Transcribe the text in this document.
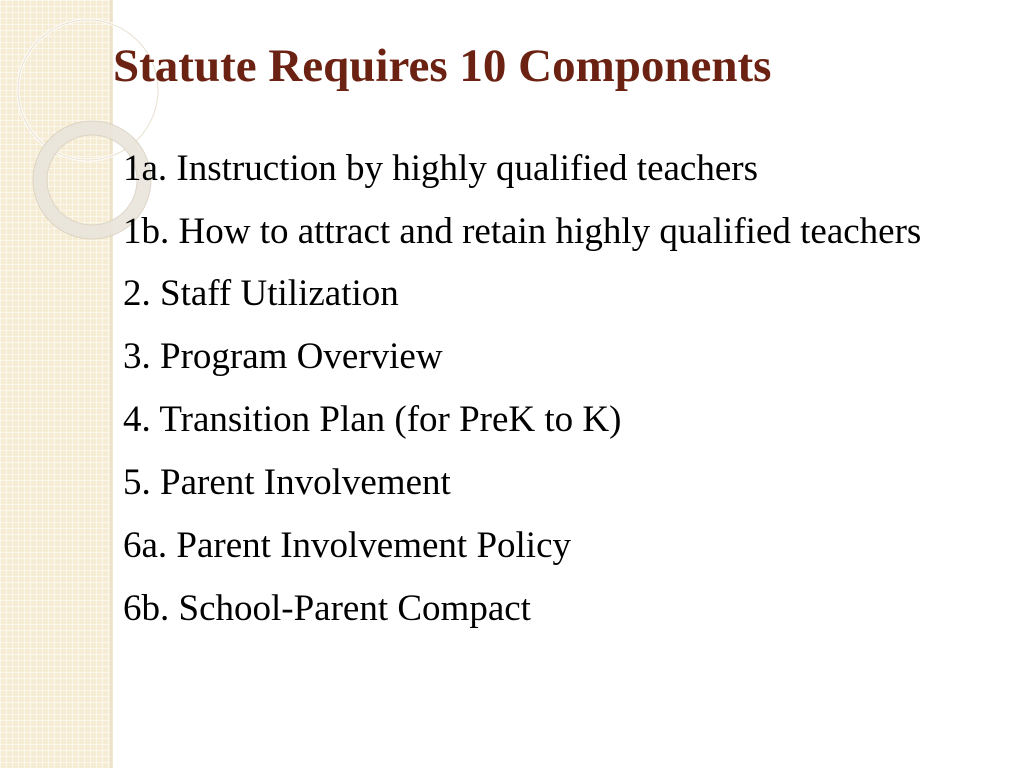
Statute Requires 10 Components
1a. Instruction by highly qualified teachers
1b. How to attract and retain highly qualified teachers
2. Staff Utilization
3. Program Overview
4. Transition Plan (for PreK to K)
5. Parent Involvement
6a. Parent Involvement Policy
6b. School-Parent Compact
